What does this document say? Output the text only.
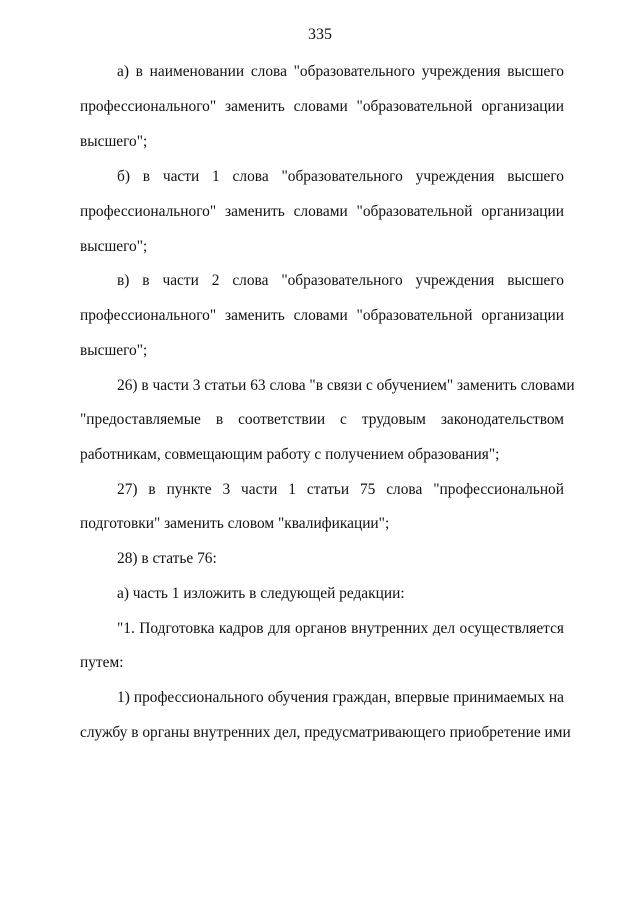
335
а) в наименовании слова "образовательного учреждения высшего
профессионального" заменить словами "образовательной организации
высшего";
б) в части 1 слова "образовательного учреждения высшего
профессионального" заменить словами "образовательной организации
высшего";
в) в части 2 слова "образовательного учреждения высшего
профессионального" заменить словами "образовательной организации
высшего";
26) в части 3 статьи 63 слова "в связи с обучением" заменить словами
"предоставляемые в соответствии с трудовым законодательством
работникам, совмещающим работу с получением образования";
27) в пункте 3 части 1 статьи 75 слова "профессиональной
подготовки" заменить словом "квалификации";
28) в статье 76:
а) часть 1 изложить в следующей редакции:
"1. Подготовка кадров для органов внутренних дел осуществляется
путем:
1) профессионального обучения граждан, впервые принимаемых на
службу в органы внутренних дел, предусматривающего приобретение ими
